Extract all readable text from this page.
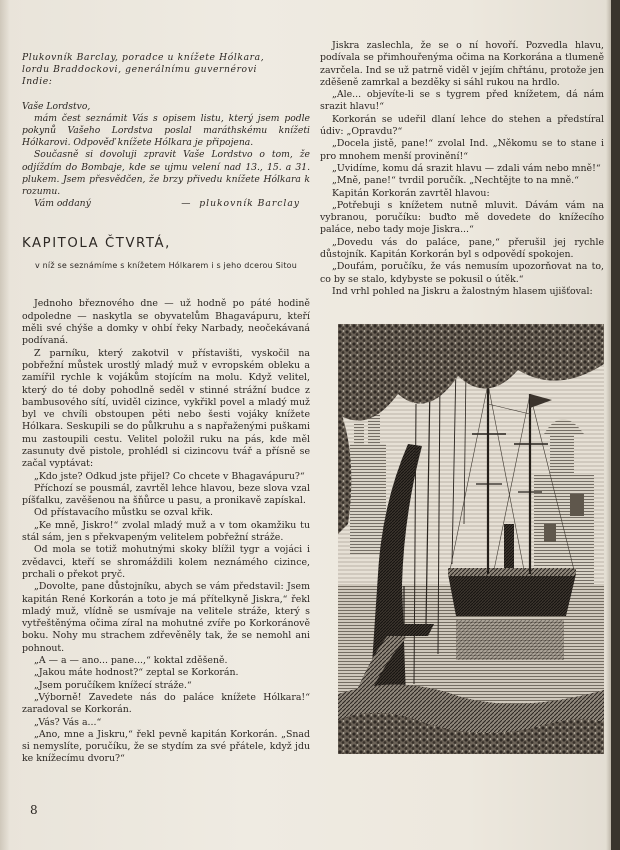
Plukovník Barclay, poradce u knížete Hólkara,

lordu Braddockovi, generálnímu guvernérovi

Indie:

Vaše Lordstvo,

mám čest seznámit Vás s opisem listu, který jsem podle pokynů Vašeho Lordstva poslal maráthskému knížeti Hólkarovi. Odpověď knížete Hólkara je připojena.

Současně si dovoluji zpravit Vaše Lordstvo o tom, že odjíždím do Bombaje, kde se ujmu velení nad 13., 15. a 31. plukem. Jsem přesvědčen, že brzy přivedu knížete Hólkara k rozumu.

Vám oddaný	—   plukovník Barclay
KAPITOLA ČTVRTÁ,
v níž se seznámíme s knížetem Hólkarem i s jeho dcerou Sitou

Jednoho březnového dne — už hodně po páté hodině odpoledne — naskytla se obyvatelům Bhagavápuru, kteří měli své chýše a domky v ohbí řeky Narbady, neočekávaná podívaná.

Z parníku, který zakotvil v přístavišti, vyskočil na pobřežní můstek urostlý mladý muž v evropském obleku a zamířil rychle k vojákům stojícím na molu. Když velitel, který do té doby pohodlně seděl v stinné strážní budce z bambusového sítí, uviděl cizince, vykřikl povel a mladý muž byl ve chvíli obstoupen pěti nebo šesti vojáky knížete Hólkara. Seskupili se do půlkruhu a s napřaženými puškami mu zastoupili cestu. Velitel položil ruku na pás, kde měl zasunuty dvě pistole, prohlédl si cizincovu tvář a přísně se začal vyptávat:

„Kdo jste? Odkud jste přijel? Co chcete v Bhagavápuru?“

Příchozí se pousmál, zavrtěl lehce hlavou, beze slova vzal píšťalku, zavěšenou na šňůrce u pasu, a pronikavě zapískal.

Od přístavacího můstku se ozval křik.

„Ke mně, Jiskro!“ zvolal mladý muž a v tom okamžiku tu stál sám, jen s překvapeným velitelem pobřežní stráže.

Od mola se totiž mohutnými skoky blížil tygr a vojáci i zvědavci, kteří se shromáždili kolem neznámého cizince, prchali o překot pryč.

„Dovolte, pane důstojníku, abych se vám představil: Jsem kapitán René Korkorán a toto je má přítelkyně Jiskra,“ řekl mladý muž, vlídně se usmívaje na velitele stráže, který s vytřeštěnýma očima zíral na mohutné zvíře po Korkoránově boku. Nohy mu strachem zdřevěněly tak, že se nemohl ani pohnout.

„A — a — ano... pane...,“ koktal zděšeně.

„Jakou máte hodnost?“ zeptal se Korkorán.

„Jsem poručíkem knížecí stráže.“

„Výborně! Zavedete nás do paláce knížete Hólkara!“ zaradoval se Korkorán.

„Vás? Vás a...“

„Ano, mne a Jiskru,“ řekl pevně kapitán Korkorán. „Snad si nemyslíte, poručíku, že se stydím za své přátele, když jdu ke knížecímu dvoru?“

Jiskra zaslechla, že se o ní hovoří. Pozvedla hlavu, podívala se přimhouřenýma očima na Korkorána a tlumeně zavrčela. Ind se už patrně viděl v jejím chřtánu, protože jen zděšeně zamrkal a bezděky si sáhl rukou na hrdlo.

„Ale... objevíte-li se s tygrem před knížetem, dá nám srazit hlavu!“

Korkorán se udeřil dlaní lehce do stehen a předstíral údiv: „Opravdu?“

„Docela jistě, pane!“ zvolal Ind. „Někomu se to stane i pro mnohem menší provinění!“

„Uvidíme, komu dá srazit hlavu — zdali vám nebo mně!“

„Mně, pane!“ tvrdil poručík. „Nechtějte to na mně.“

Kapitán Korkorán zavrtěl hlavou:

„Potřebuji s knížetem nutně mluvit. Dávám vám na vybranou, poručíku: buďto mě dovedete do knížecího paláce, nebo tady moje Jiskra...“

„Dovedu vás do paláce, pane,“ přerušil jej rychle důstojník. Kapitán Korkorán byl s odpovědí spokojen.

„Doufám, poručíku, že vás nemusím upozorňovat na to, co by se stalo, kdybyste se pokusil o útěk.“

Ind vrhl pohled na Jiskru a žalostným hlasem ujišťoval:

8
